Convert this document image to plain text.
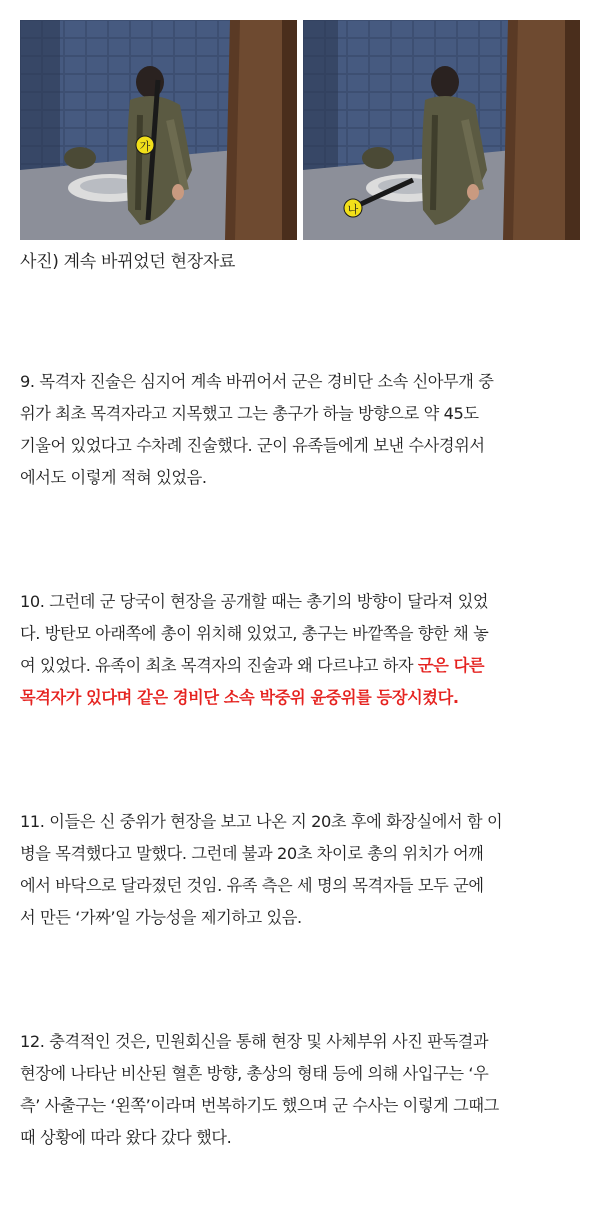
가
나
사진) 계속 바뀌었던 현장자료

9. 목격자 진술은 심지어 계속 바뀌어서 군은 경비단 소속 신아무개 중
위가 최초 목격자라고 지목했고 그는 총구가 하늘 방향으로 약 45도
기울어 있었다고 수차례 진술했다. 군이 유족들에게 보낸 수사경위서
에서도 이렇게 적혀 있었음.

10. 그런데 군 당국이 현장을 공개할 때는 총기의 방향이 달라져 있었
다. 방탄모 아래쪽에 총이 위치해 있었고, 총구는 바깥쪽을 향한 채 놓
여 있었다. 유족이 최초 목격자의 진술과 왜 다르냐고 하자 군은 다른
목격자가 있다며 같은 경비단 소속 박중위 윤중위를 등장시켰다.

11. 이들은 신 중위가 현장을 보고 나온 지 20초 후에 화장실에서 함 이
병을 목격했다고 말했다. 그런데 불과 20초 차이로 총의 위치가 어깨
에서 바닥으로 달라졌던 것임. 유족 측은 세 명의 목격자들 모두 군에
서 만든 ‘가짜’일 가능성을 제기하고 있음.

12. 충격적인 것은, 민원회신을 통해 현장 및 사체부위 사진 판독결과
현장에 나타난 비산된 혈흔 방향, 총상의 형태 등에 의해 사입구는 ‘우
측’ 사출구는 ‘왼쪽’이라며 번복하기도 했으며 군 수사는 이렇게 그때그
때 상황에 따라 왔다 갔다 했다.
